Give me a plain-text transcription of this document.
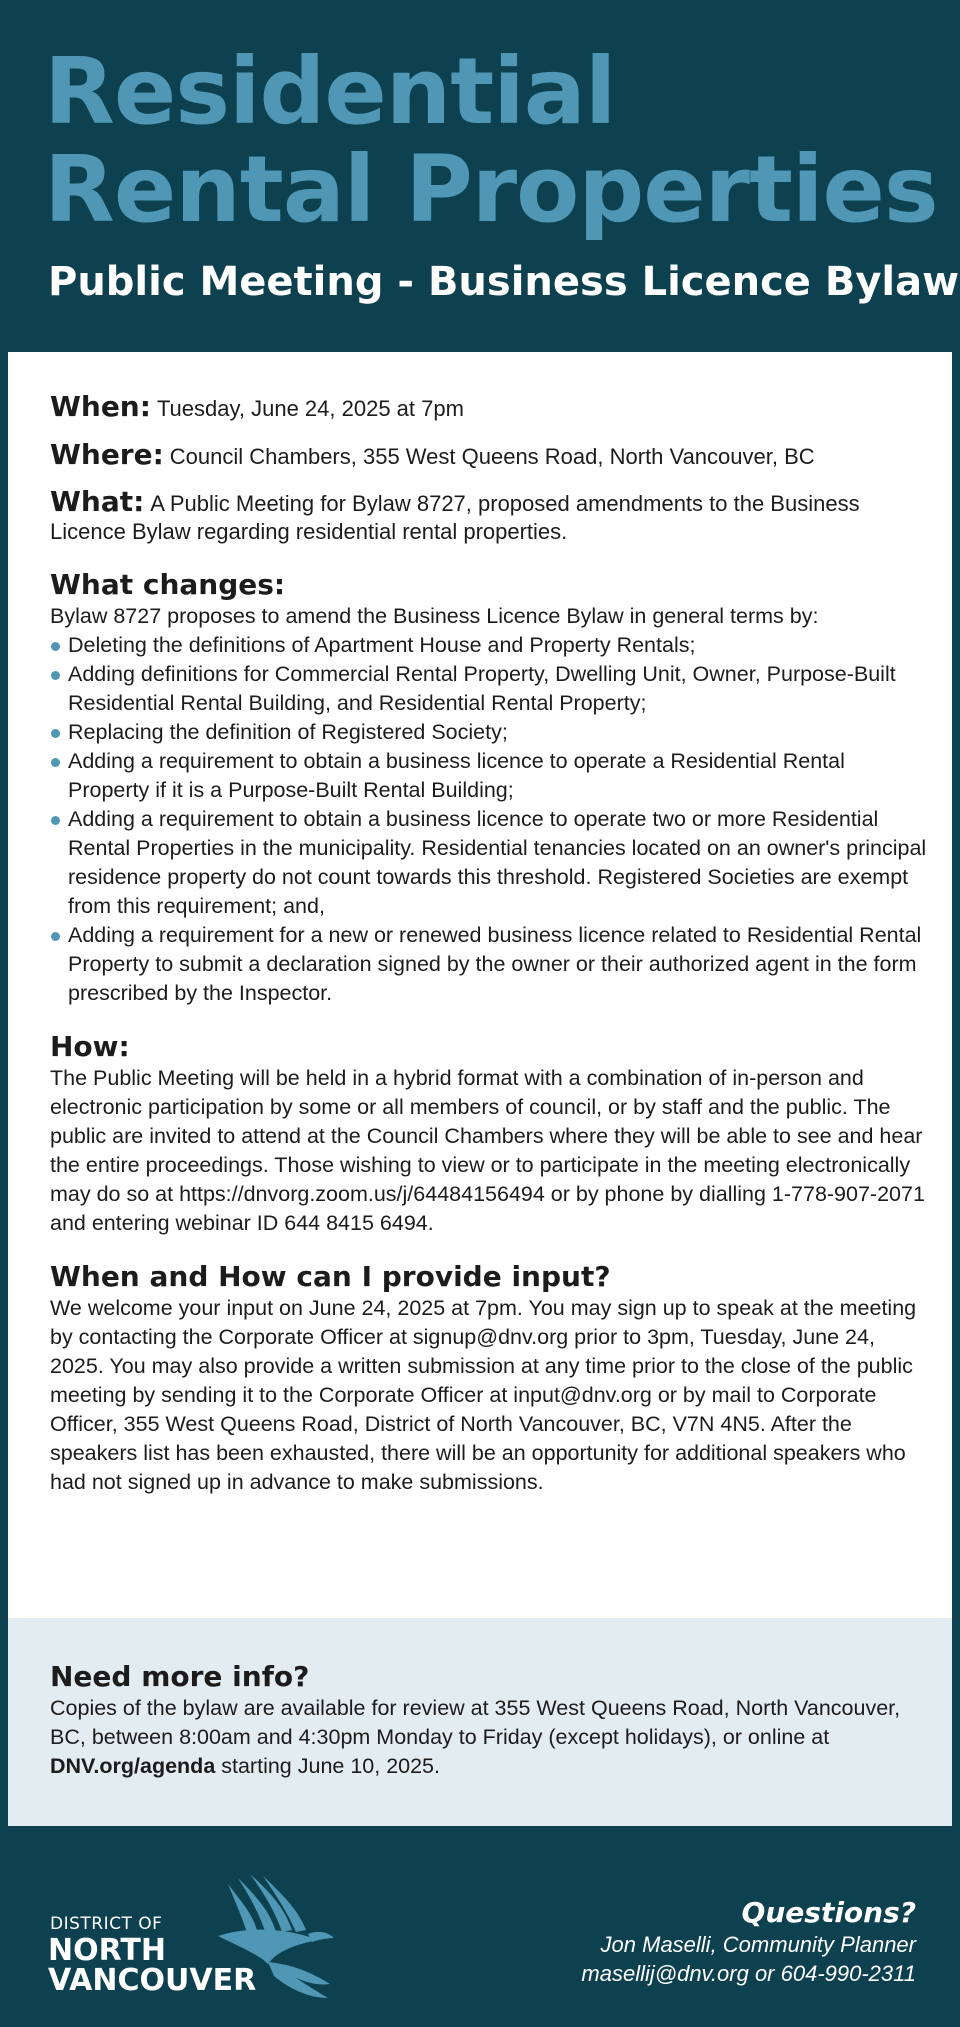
Residential
Rental Properties
Public Meeting - Business Licence Bylaw
When: Tuesday, June 24, 2025 at 7pm
Where: Council Chambers, 355 West Queens Road, North Vancouver, BC
What: A Public Meeting for Bylaw 8727, proposed amendments to the Business Licence Bylaw regarding residential rental properties.
What changes:

Bylaw 8727 proposes to amend the Business Licence Bylaw in general terms by:

Deleting the definitions of Apartment House and Property Rentals;
Adding definitions for Commercial Rental Property, Dwelling Unit, Owner, Purpose-Built Residential Rental Building, and Residential Rental Property;
Replacing the definition of Registered Society;
Adding a requirement to obtain a business licence to operate a Residential Rental Property if it is a Purpose-Built Rental Building;
Adding a requirement to obtain a business licence to operate two or more Residential Rental Properties in the municipality. Residential tenancies located on an owner's principal residence property do not count towards this threshold. Registered Societies are exempt from this requirement; and,
Adding a requirement for a new or renewed business licence related to Residential Rental Property to submit a declaration signed by the owner or their authorized agent in the form prescribed by the Inspector.
How:

The Public Meeting will be held in a hybrid format with a combination of in-person and electronic participation by some or all members of council, or by staff and the public. The public are invited to attend at the Council Chambers where they will be able to see and hear the entire proceedings. Those wishing to view or to participate in the meeting electronically may do so at https://dnvorg.zoom.us/j/64484156494 or by phone by dialling 1-778-907-2071 and entering webinar ID 644 8415 6494.

When and How can I provide input?

We welcome your input on June 24, 2025 at 7pm. You may sign up to speak at the meeting by contacting the Corporate Officer at signup@dnv.org prior to 3pm, Tuesday, June 24, 2025. You may also provide a written submission at any time prior to the close of the public meeting by sending it to the Corporate Officer at input@dnv.org or by mail to Corporate Officer, 355 West Queens Road, District of North Vancouver, BC, V7N 4N5. After the speakers list has been exhausted, there will be an opportunity for additional speakers who had not signed up in advance to make submissions.

Need more info?

Copies of the bylaw are available for review at 355 West Queens Road, North Vancouver, BC, between 8:00am and 4:30pm Monday to Friday (except holidays), or online at DNV.org/agenda starting June 10, 2025.

DISTRICT OF
NORTH
VANCOUVER
Questions?
Jon Maselli, Community Planner
masellij@dnv.org or 604-990-2311
